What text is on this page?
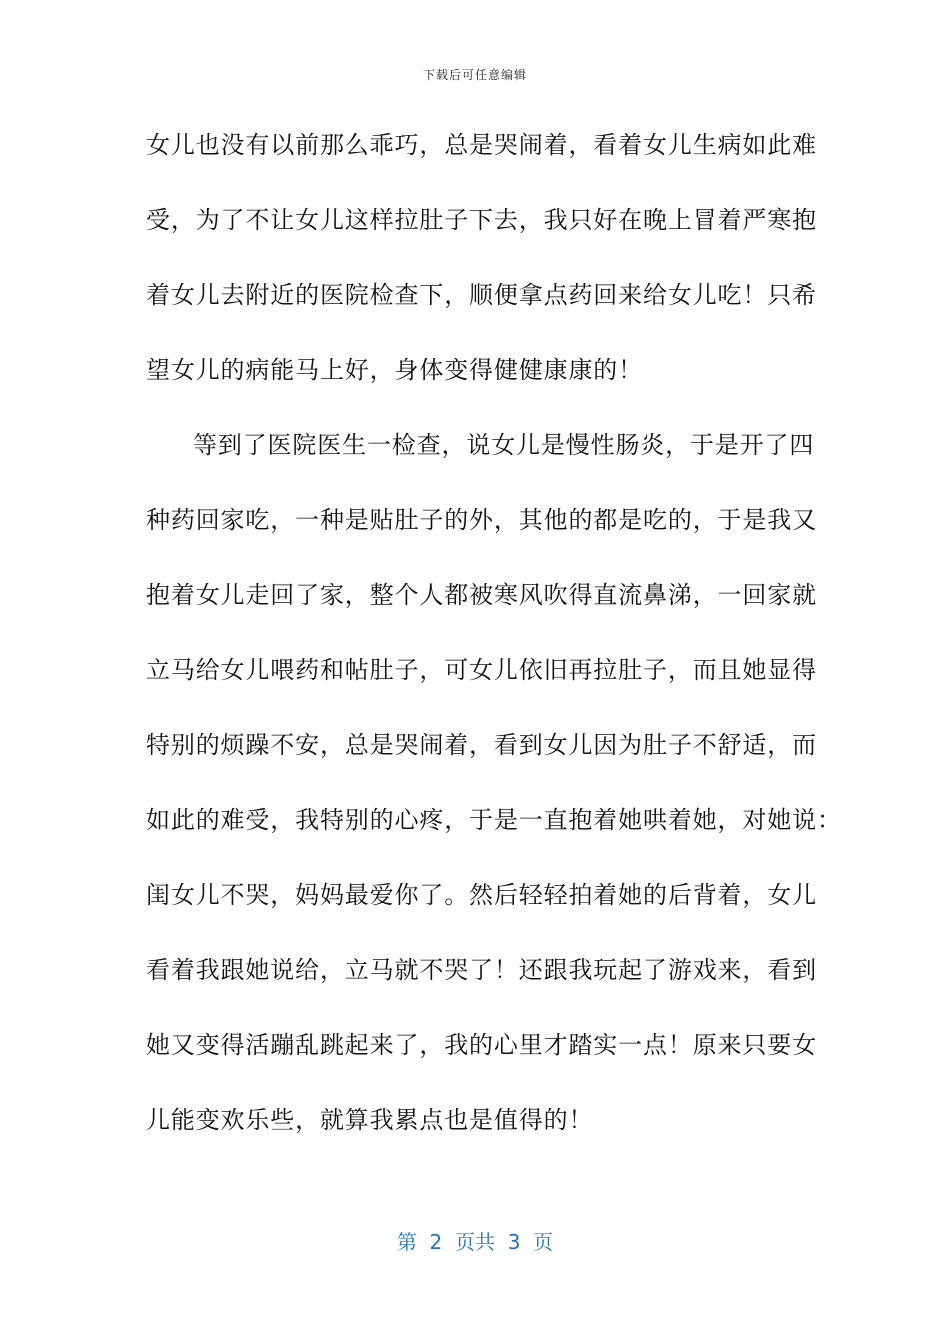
下载后可任意编辑
女儿也没有以前那么乖巧，总是哭闹着，看着女儿生病如此难
受，为了不让女儿这样拉肚子下去，我只好在晚上冒着严寒抱
着女儿去附近的医院检查下，顺便拿点药回来给女儿吃！只希
望女儿的病能马上好，身体变得健健康康的！
等到了医院医生一检查，说女儿是慢性肠炎，于是开了四
种药回家吃，一种是贴肚子的外，其他的都是吃的，于是我又
抱着女儿走回了家，整个人都被寒风吹得直流鼻涕，一回家就
立马给女儿喂药和帖肚子，可女儿依旧再拉肚子，而且她显得
特别的烦躁不安，总是哭闹着，看到女儿因为肚子不舒适，而
如此的难受，我特别的心疼，于是一直抱着她哄着她，对她说：
闺女儿不哭，妈妈最爱你了。然后轻轻拍着她的后背着，女儿
看着我跟她说给，立马就不哭了！还跟我玩起了游戏来，看到
她又变得活蹦乱跳起来了，我的心里才踏实一点！原来只要女
儿能变欢乐些，就算我累点也是值得的！
第  2  页共  3  页
